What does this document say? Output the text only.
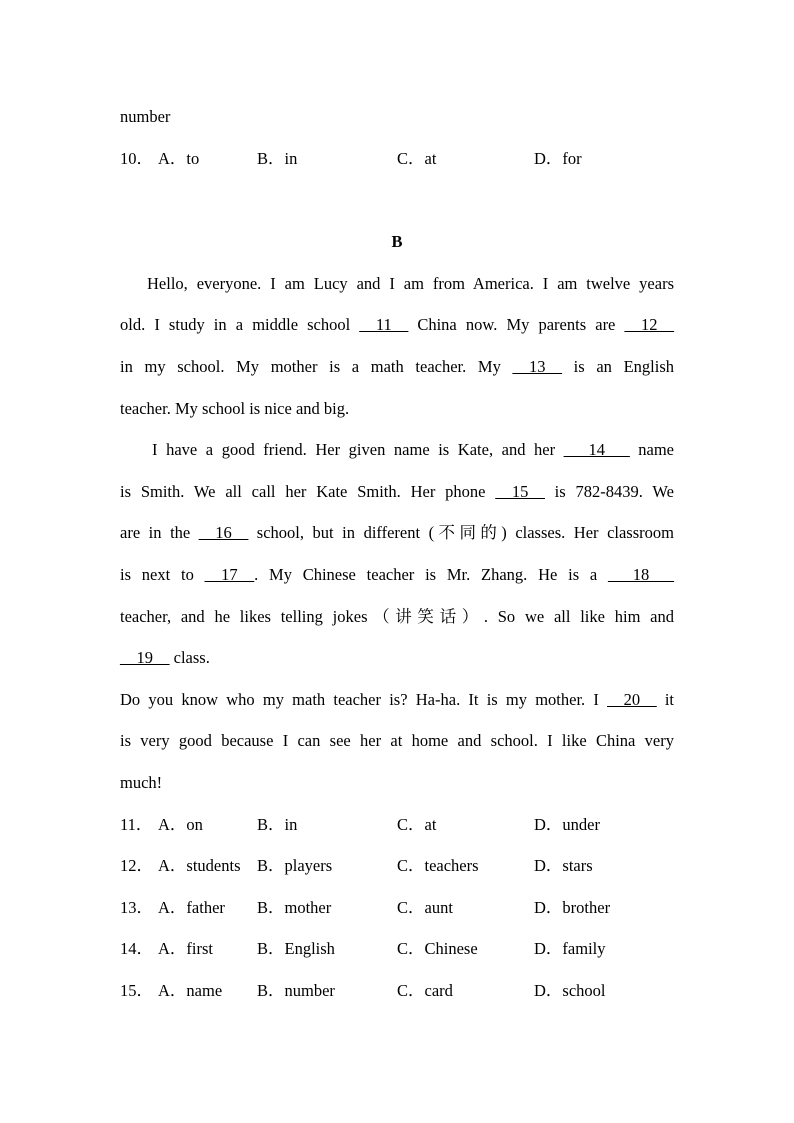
number
10． A．to	B．in	C．at	D．for
B
Hello, everyone. I am Lucy and I am from America. I am twelve years
old. I study in a middle school __11__ China now. My parents are __12__
in my school. My mother is a math teacher. My __13__ is an English
teacher. My school is nice and big.
I have a good friend. Her given name is Kate, and her ___14___ name
is Smith. We all call her Kate Smith. Her phone __15__ is 782-8439. We
are in the __16__ school, but in different (不同的) classes. Her classroom
is next to __17__. My Chinese teacher is Mr. Zhang. He is a ___18___
teacher, and he likes telling jokes（讲笑话）. So we all like him and
__19__ class.
Do you know who my math teacher is? Ha-ha. It is my mother. I __20__ it
is very good because I can see her at home and school. I like China very
much!
11． A．on	B．in	C．at	D．under
12． A．students B．players	C．teachers	D．stars
13． A．father B．mother	C．aunt	D．brother
14． A．first	B．English	C．Chinese	D．family
15． A．name B．number	C．card	D．school
